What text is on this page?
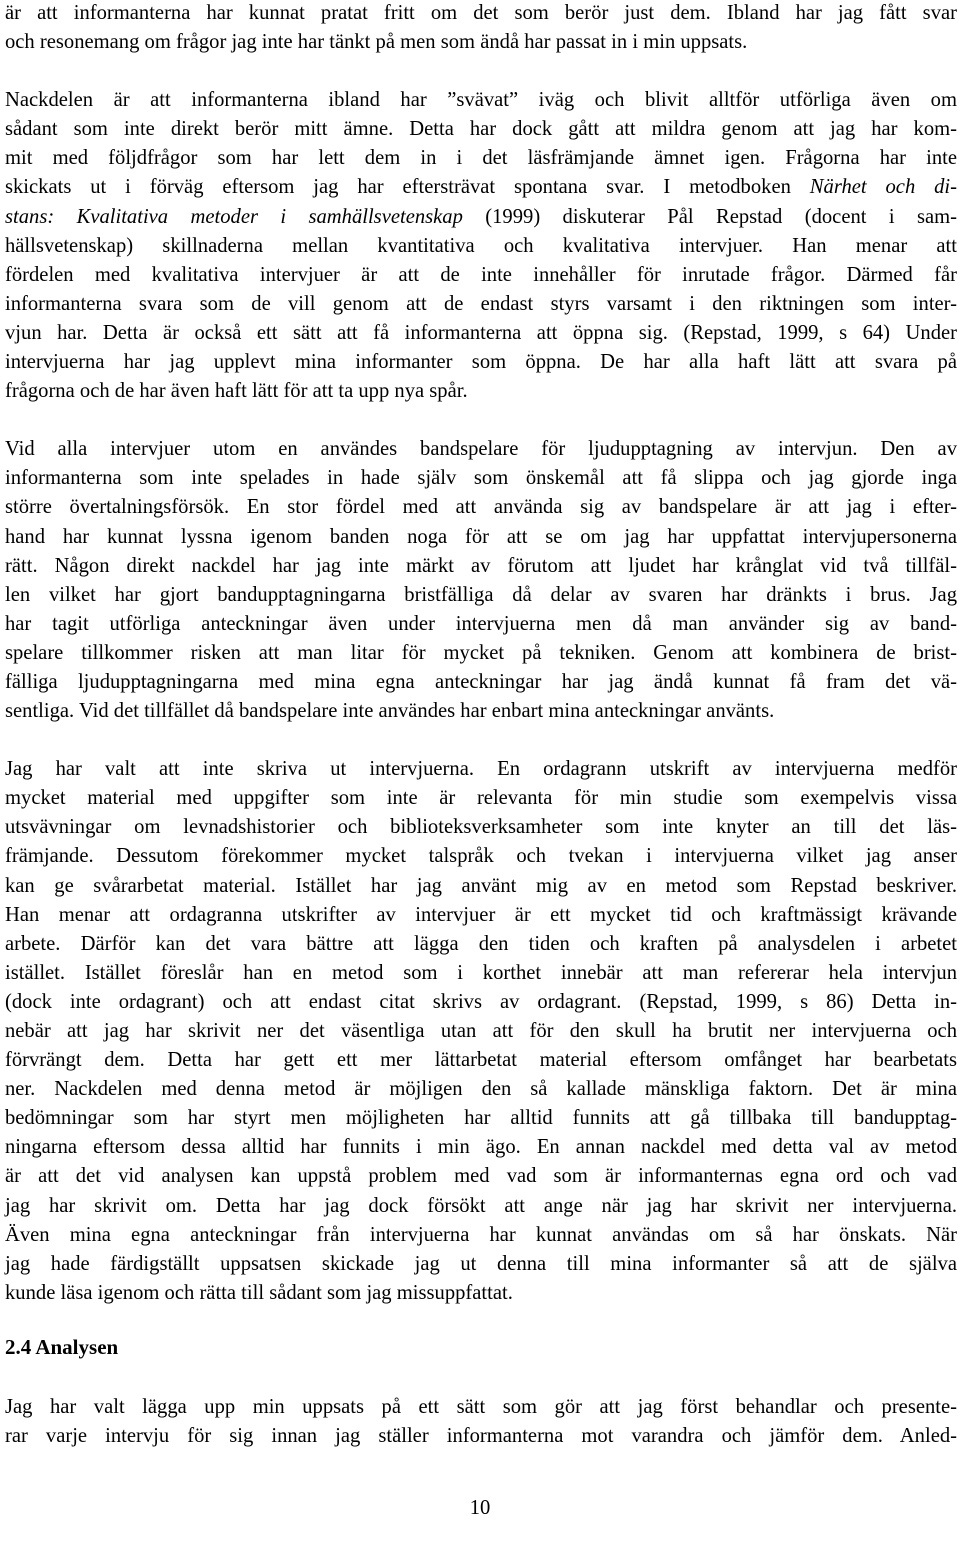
är att informanterna har kunnat pratat fritt om det som berör just dem. Ibland har jag fått svar
och resonemang om frågor jag inte har tänkt på men som ändå har passat in i min uppsats.

Nackdelen är att informanterna ibland har ”svävat” iväg och blivit alltför utförliga även om
sådant som inte direkt berör mitt ämne. Detta har dock gått att mildra genom att jag har kom-
mit med följdfrågor som har lett dem in i det läsfrämjande ämnet igen. Frågorna har inte
skickats ut i förväg eftersom jag har eftersträvat spontana svar. I metodboken Närhet och di-
stans: Kvalitativa metoder i samhällsvetenskap (1999) diskuterar Pål Repstad (docent i sam-
hällsvetenskap) skillnaderna mellan kvantitativa och kvalitativa intervjuer. Han menar att
fördelen med kvalitativa intervjuer är att de inte innehåller för inrutade frågor. Därmed får
informanterna svara som de vill genom att de endast styrs varsamt i den riktningen som inter-
vjun har. Detta är också ett sätt att få informanterna att öppna sig. (Repstad, 1999, s 64) Under
intervjuerna har jag upplevt mina informanter som öppna. De har alla haft lätt att svara på
frågorna och de har även haft lätt för att ta upp nya spår.

Vid alla intervjuer utom en användes bandspelare för ljudupptagning av intervjun. Den av
informanterna som inte spelades in hade själv som önskemål att få slippa och jag gjorde inga
större övertalningsförsök. En stor fördel med att använda sig av bandspelare är att jag i efter-
hand har kunnat lyssna igenom banden noga för att se om jag har uppfattat intervjupersonerna
rätt. Någon direkt nackdel har jag inte märkt av förutom att ljudet har krånglat vid två tillfäl-
len vilket har gjort bandupptagningarna bristfälliga då delar av svaren har dränkts i brus. Jag
har tagit utförliga anteckningar även under intervjuerna men då man använder sig av band-
spelare tillkommer risken att man litar för mycket på tekniken. Genom att kombinera de brist-
fälliga ljudupptagningarna med mina egna anteckningar har jag ändå kunnat få fram det vä-
sentliga. Vid det tillfället då bandspelare inte användes har enbart mina anteckningar använts.

Jag har valt att inte skriva ut intervjuerna. En ordagrann utskrift av intervjuerna medför
mycket material med uppgifter som inte är relevanta för min studie som exempelvis vissa
utsvävningar om levnadshistorier och biblioteksverksamheter som inte knyter an till det läs-
främjande. Dessutom förekommer mycket talspråk och tvekan i intervjuerna vilket jag anser
kan ge svårarbetat material. Istället har jag använt mig av en metod som Repstad beskriver.
Han menar att ordagranna utskrifter av intervjuer är ett mycket tid och kraftmässigt krävande
arbete. Därför kan det vara bättre att lägga den tiden och kraften på analysdelen i arbetet
istället. Istället föreslår han en metod som i korthet innebär att man refererar hela intervjun
(dock inte ordagrant) och att endast citat skrivs av ordagrant. (Repstad, 1999, s 86) Detta in-
nebär att jag har skrivit ner det väsentliga utan att för den skull ha brutit ner intervjuerna och
förvrängt dem. Detta har gett ett mer lättarbetat material eftersom omfånget har bearbetats
ner. Nackdelen med denna metod är möjligen den så kallade mänskliga faktorn. Det är mina
bedömningar som har styrt men möjligheten har alltid funnits att gå tillbaka till bandupptag-
ningarna eftersom dessa alltid har funnits i min ägo. En annan nackdel med detta val av metod
är att det vid analysen kan uppstå problem med vad som är informanternas egna ord och vad
jag har skrivit om. Detta har jag dock försökt att ange när jag har skrivit ner intervjuerna.
Även mina egna anteckningar från intervjuerna har kunnat användas om så har önskats. När
jag hade färdigställt uppsatsen skickade jag ut denna till mina informanter så att de själva
kunde läsa igenom och rätta till sådant som jag missuppfattat.

2.4 Analysen

Jag har valt lägga upp min uppsats på ett sätt som gör att jag först behandlar och presente-
rar varje intervju för sig innan jag ställer informanterna mot varandra och jämför dem. Anled-

10
